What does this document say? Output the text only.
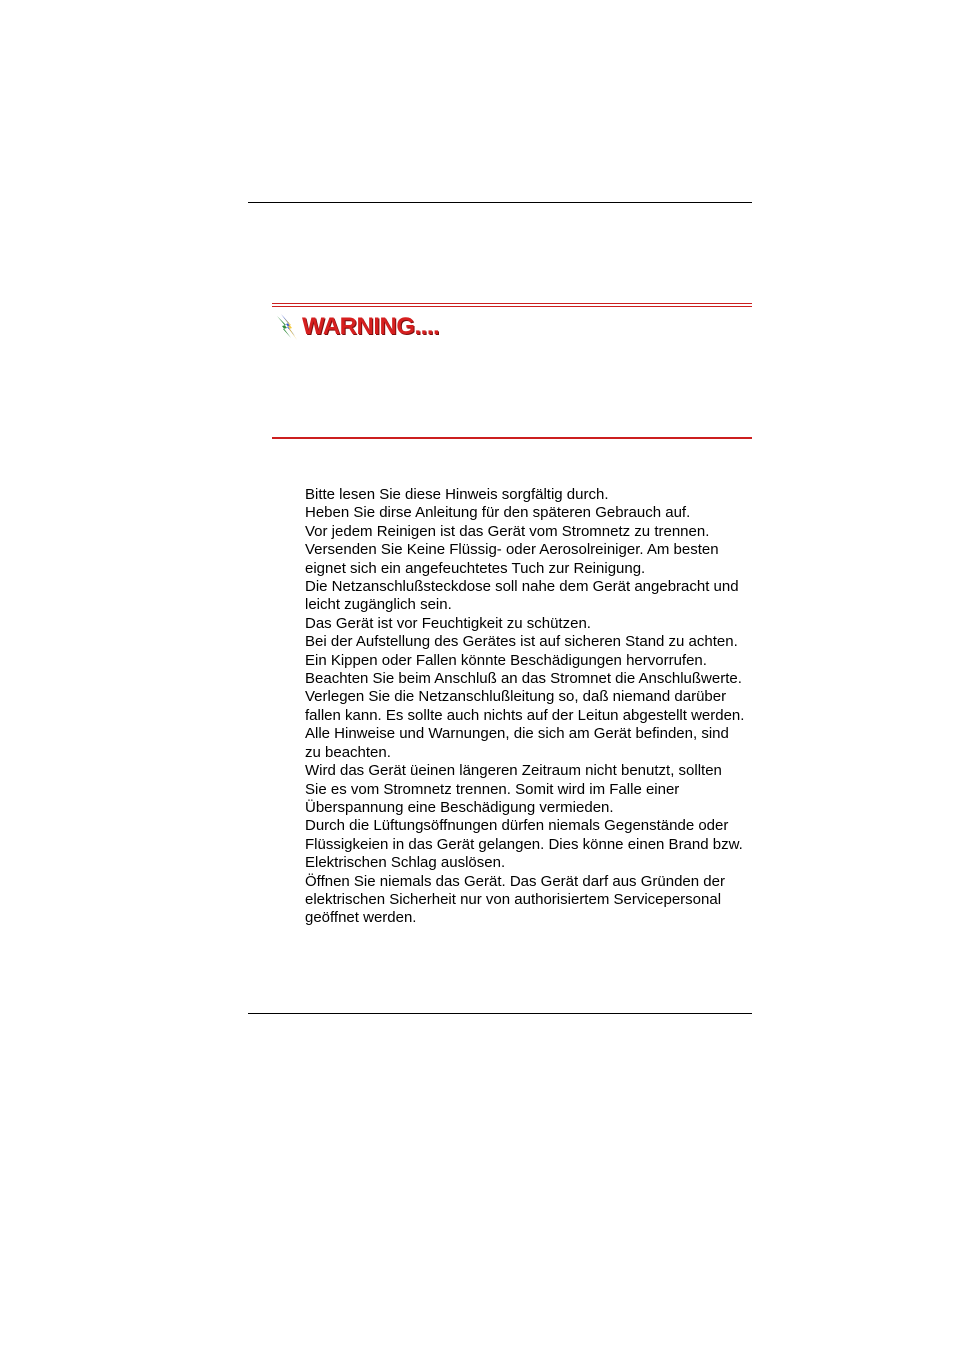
WARNING....

Bitte lesen Sie diese Hinweis sorgfältig durch.

Heben Sie dirse Anleitung für den späteren Gebrauch auf.

Vor jedem Reinigen ist das Gerät vom Stromnetz zu trennen.

Versenden Sie Keine Flüssig- oder Aerosolreiniger. Am besten eignet sich ein angefeuchtetes Tuch zur Reinigung.

Die Netzanschlußsteckdose soll nahe dem Gerät angebracht und leicht zugänglich sein.

Das Gerät ist vor Feuchtigkeit zu schützen.

Bei der Aufstellung des Gerätes ist auf sicheren Stand zu achten. Ein Kippen oder Fallen könnte Beschädigungen hervorrufen.

Beachten Sie beim Anschluß an das Stromnet die Anschlußwerte.

Verlegen Sie die Netzanschlußleitung so, daß niemand darüber fallen kann. Es sollte auch nichts auf der Leitun abgestellt werden.

Alle Hinweise und Warnungen, die sich am Gerät befinden, sind zu beachten.

Wird das Gerät üeinen längeren Zeitraum nicht benutzt, sollten Sie es vom Stromnetz trennen. Somit wird im Falle einer Überspannung eine Beschädigung vermieden.

Durch die Lüftungsöffnungen dürfen niemals Gegenstände oder Flüssigkeien in das Gerät gelangen. Dies könne einen Brand bzw. Elektrischen Schlag auslösen.

Öffnen Sie niemals das Gerät. Das Gerät darf aus Gründen der elektrischen Sicherheit nur von authorisiertem Servicepersonal geöffnet werden.
